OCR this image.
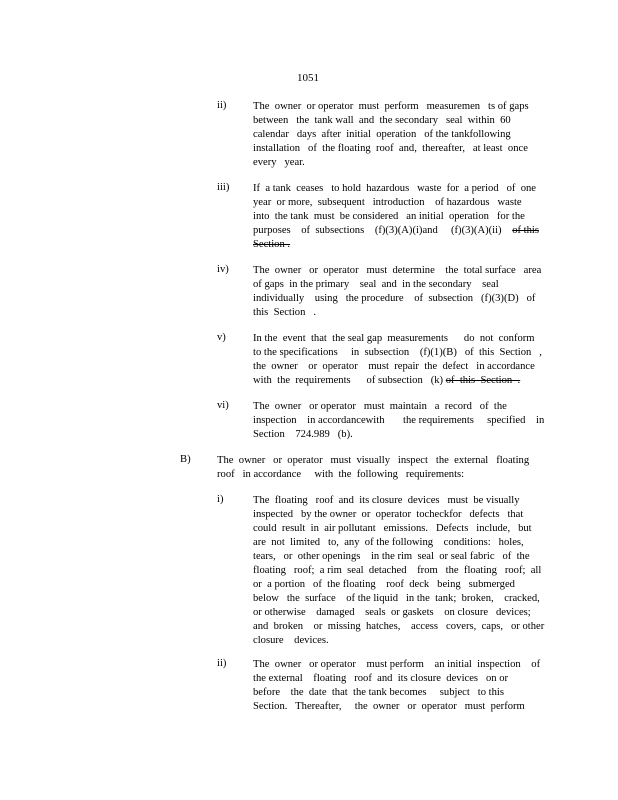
1051
ii)	The  owner  or operator  must  perform   measuremen   ts of gaps
between   the  tank wall  and  the secondary   seal  within  60
calendar   days  after  initial  operation   of the tankfollowing
installation   of  the floating  roof  and,  thereafter,   at least  once
every   year.
iii) If  a tank  ceases   to hold  hazardous   waste  for  a period   of  one
year  or more,  subsequent   introduction    of hazardous   waste
into  the tank  must  be considered   an initial  operation   for the
purposes    of  subsections    (f)(3)(A)(i)and     (f)(3)(A)(ii) of this
Section .
iv) The  owner   or  operator   must  determine    the  total surface   area
of gaps  in the primary    seal  and  in the secondary    seal
individually    using   the procedure    of  subsection   (f)(3)(D)   of
this  Section   .
v)	In the  event  that  the seal gap  measurements      do  not  conform
to the specifications     in  subsection    (f)(1)(B)   of  this  Section   ,
the  owner    or  operator    must  repair  the  defect   in accordance
with  the  requirements      of subsection   (k) of  this  Section  .
vi) The  owner   or operator   must  maintain   a  record   of  the
inspection    in accordancewith       the requirements     specified    in
Section    724.989   (b).
B) The  owner   or  operator   must  visually   inspect   the  external   floating
roof   in accordance     with  the  following   requirements:
i)	The  floating   roof  and  its closure  devices   must  be visually
inspected   by the owner  or  operator  tocheckfor   defects   that
could  result  in  air pollutant   emissions.   Defects   include,   but
are  not  limited   to,  any  of the following    conditions:   holes,
tears,   or  other openings    in the rim  seal  or seal fabric   of  the
floating   roof;  a rim  seal  detached    from   the  floating   roof;  all
or  a portion   of  the floating    roof  deck   being   submerged
below   the  surface    of the liquid   in the  tank;  broken,    cracked,
or otherwise    damaged    seals  or gaskets    on closure   devices;
and  broken    or  missing  hatches,    access   covers,  caps,   or other
closure    devices.
ii)	The  owner   or operator    must perform    an initial  inspection    of
the external    floating   roof  and  its closure  devices   on or
before    the  date  that  the tank becomes     subject   to this
Section.   Thereafter,     the  owner   or  operator   must  perform
